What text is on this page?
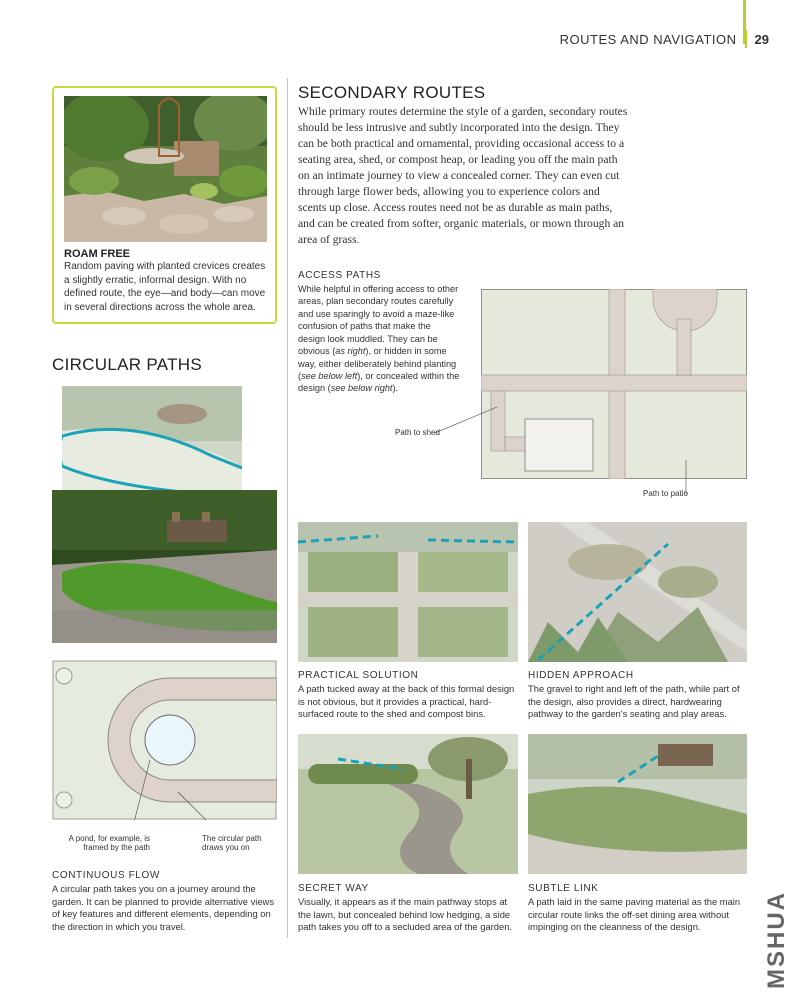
ROUTES AND NAVIGATION 29
ROAM FREE
Random paving with planted crevices creates a slightly erratic, informal design. With no defined route, the eye—and body—can move in several directions across the whole area.
CIRCULAR PATHS
A pond, for example, is framed by the path
The circular path draws you on
CONTINUOUS FLOW
A circular path takes you on a journey around the garden. It can be planned to provide alternative views of key features and different elements, depending on the direction in which you travel.
SECONDARY ROUTES
While primary routes determine the style of a garden, secondary routes should be less intrusive and subtly incorporated into the design. They can be both practical and ornamental, providing occasional access to a seating area, shed, or compost heap, or leading you off the main path on an intimate journey to view a concealed corner. They can even cut through large flower beds, allowing you to experience colors and scents up close. Access routes need not be as durable as main paths, and can be created from softer, organic materials, or mown through an area of grass.
ACCESS PATHS
While helpful in offering access to other areas, plan secondary routes carefully and use sparingly to avoid a maze-like confusion of paths that make the design look muddled. They can be obvious (as right), or hidden in some way, either deliberately behind planting (see below left), or concealed within the design (see below right).
Path to shed
Path to patio
PRACTICAL SOLUTION
A path tucked away at the back of this formal design is not obvious, but it provides a practical, hard-surfaced route to the shed and compost bins.
HIDDEN APPROACH
The gravel to right and left of the path, while part of the design, also provides a direct, hardwearing pathway to the garden's seating and play areas.
SECRET WAY
Visually, it appears as if the main pathway stops at the lawn, but concealed behind low hedging, a side path takes you off to a secluded area of the garden.
SUBTLE LINK
A path laid in the same paving material as the main circular route links the off-set dining area without impinging on the cleanness of the design.	MSHUA
